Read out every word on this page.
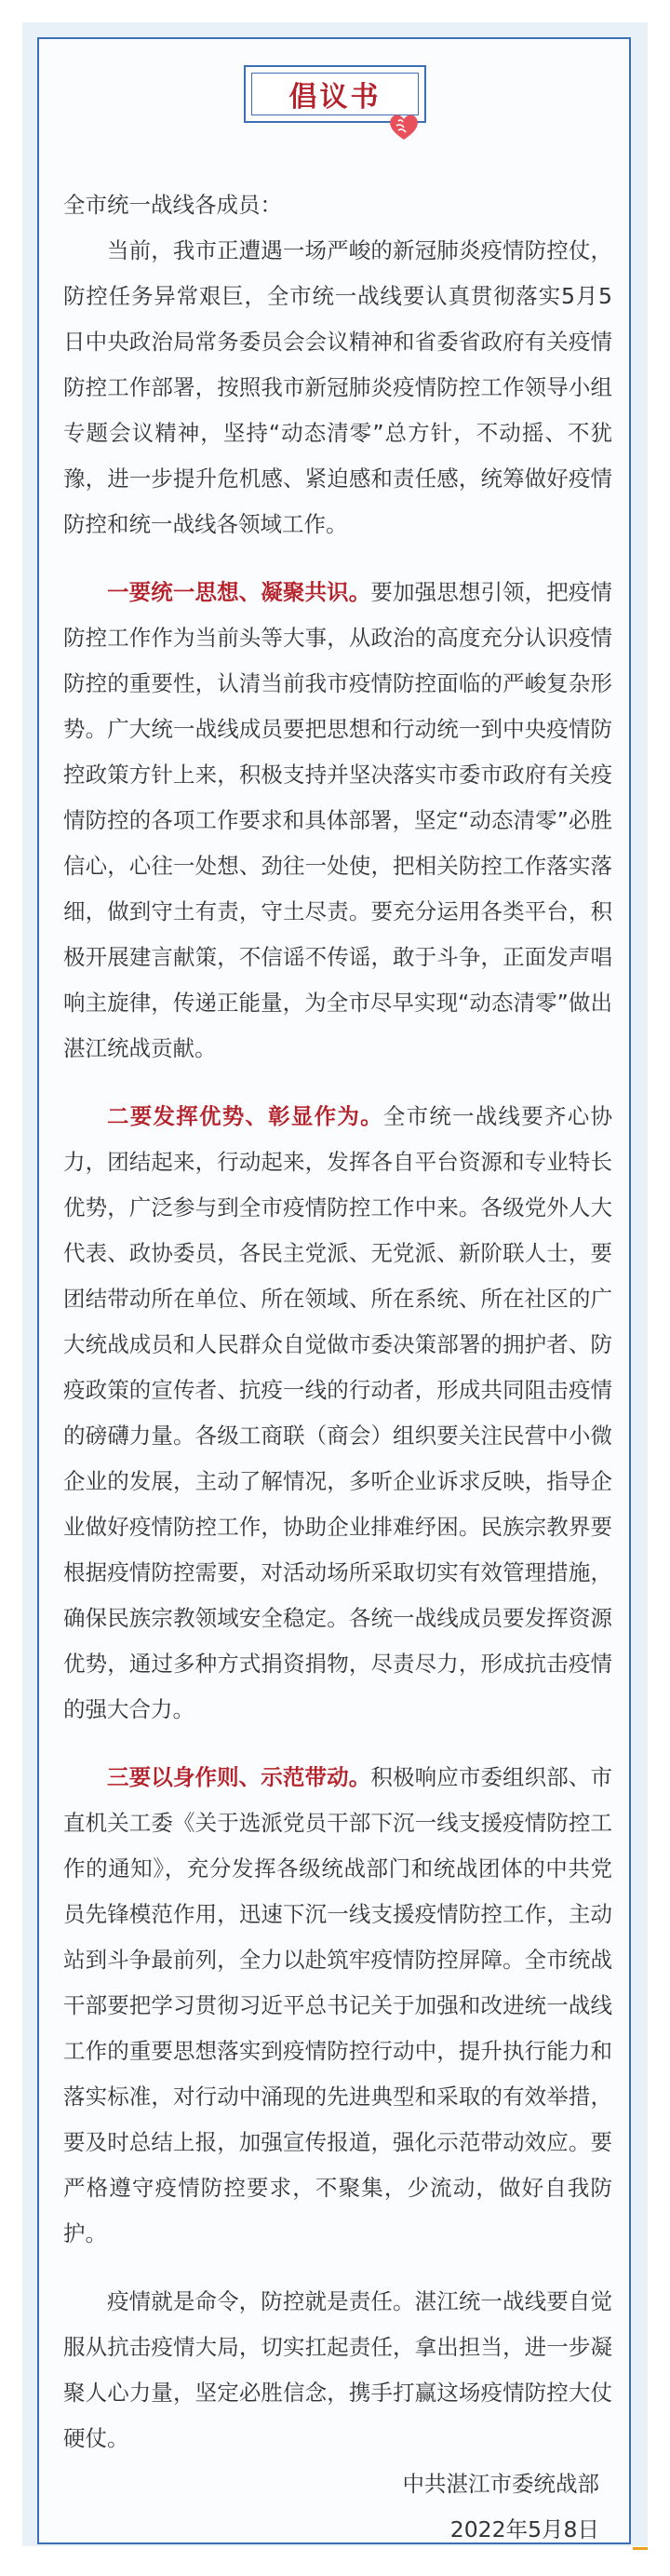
倡议书

全市统一战线各成员：

当前，我市正遭遇一场严峻的新冠肺炎疫情防控仗，防控任务异常艰巨，全市统一战线要认真贯彻落实5月5日中央政治局常务委员会会议精神和省委省政府有关疫情防控工作部署，按照我市新冠肺炎疫情防控工作领导小组专题会议精神，坚持“动态清零”总方针，不动摇、不犹豫，进一步提升危机感、紧迫感和责任感，统筹做好疫情防控和统一战线各领域工作。

一要统一思想、凝聚共识。要加强思想引领，把疫情防控工作作为当前头等大事，从政治的高度充分认识疫情防控的重要性，认清当前我市疫情防控面临的严峻复杂形势。广大统一战线成员要把思想和行动统一到中央疫情防控政策方针上来，积极支持并坚决落实市委市政府有关疫情防控的各项工作要求和具体部署，坚定“动态清零”必胜信心，心往一处想、劲往一处使，把相关防控工作落实落细，做到守土有责，守土尽责。要充分运用各类平台，积极开展建言献策，不信谣不传谣，敢于斗争，正面发声唱响主旋律，传递正能量，为全市尽早实现“动态清零”做出湛江统战贡献。

二要发挥优势、彰显作为。全市统一战线要齐心协力，团结起来，行动起来，发挥各自平台资源和专业特长优势，广泛参与到全市疫情防控工作中来。各级党外人大代表、政协委员，各民主党派、无党派、新阶联人士，要团结带动所在单位、所在领域、所在系统、所在社区的广大统战成员和人民群众自觉做市委决策部署的拥护者、防疫政策的宣传者、抗疫一线的行动者，形成共同阻击疫情的磅礴力量。各级工商联（商会）组织要关注民营中小微企业的发展，主动了解情况，多听企业诉求反映，指导企业做好疫情防控工作，协助企业排难纾困。民族宗教界要根据疫情防控需要，对活动场所采取切实有效管理措施，确保民族宗教领域安全稳定。各统一战线成员要发挥资源优势，通过多种方式捐资捐物，尽责尽力，形成抗击疫情的强大合力。

三要以身作则、示范带动。积极响应市委组织部、市直机关工委《关于选派党员干部下沉一线支援疫情防控工作的通知》，充分发挥各级统战部门和统战团体的中共党员先锋模范作用，迅速下沉一线支援疫情防控工作，主动站到斗争最前列，全力以赴筑牢疫情防控屏障。全市统战干部要把学习贯彻习近平总书记关于加强和改进统一战线工作的重要思想落实到疫情防控行动中，提升执行能力和落实标准，对行动中涌现的先进典型和采取的有效举措，要及时总结上报，加强宣传报道，强化示范带动效应。要严格遵守疫情防控要求，不聚集，少流动，做好自我防护。

疫情就是命令，防控就是责任。湛江统一战线要自觉服从抗击疫情大局，切实扛起责任，拿出担当，进一步凝聚人心力量，坚定必胜信念，携手打赢这场疫情防控大仗硬仗。

中共湛江市委统战部

2022年5月8日
